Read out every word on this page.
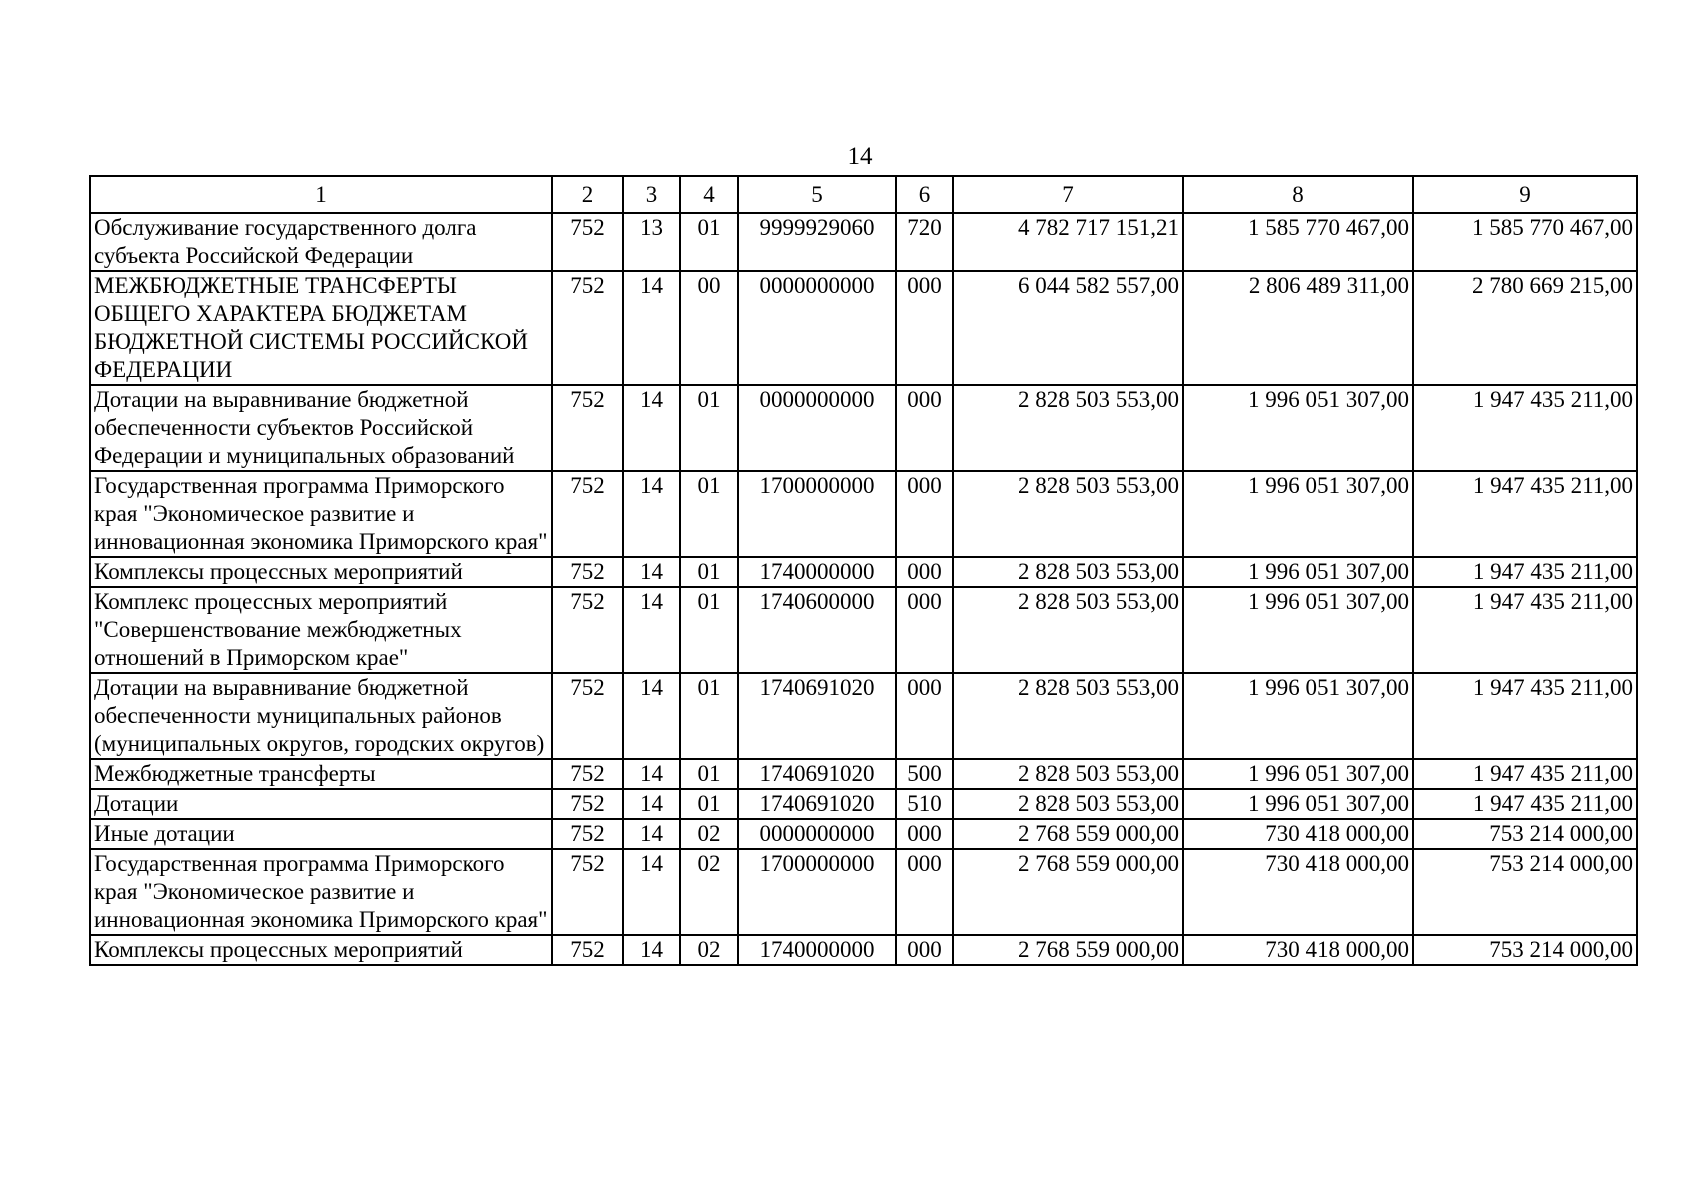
14
1	2	3	4	5	6	7	8	9
Обслуживание государственного долга субъекта Российской Федерации	752	13	01	9999929060	720	4 782 717 151,21	1 585 770 467,00	1 585 770 467,00
МЕЖБЮДЖЕТНЫЕ ТРАНСФЕРТЫ ОБЩЕГО ХАРАКТЕРА БЮДЖЕТАМ БЮДЖЕТНОЙ СИСТЕМЫ РОССИЙСКОЙ ФЕДЕРАЦИИ	752	14	00	0000000000	000	6 044 582 557,00	2 806 489 311,00	2 780 669 215,00
Дотации на выравнивание бюджетной обеспеченности субъектов Российской Федерации и муниципальных образований	752	14	01	0000000000	000	2 828 503 553,00	1 996 051 307,00	1 947 435 211,00
Государственная программа Приморского края "Экономическое развитие и инновационная экономика Приморского края"	752	14	01	1700000000	000	2 828 503 553,00	1 996 051 307,00	1 947 435 211,00
Комплексы процессных мероприятий	752	14	01	1740000000	000	2 828 503 553,00	1 996 051 307,00	1 947 435 211,00
Комплекс процессных мероприятий "Совершенствование межбюджетных отношений в Приморском крае"	752	14	01	1740600000	000	2 828 503 553,00	1 996 051 307,00	1 947 435 211,00
Дотации на выравнивание бюджетной обеспеченности муниципальных районов (муниципальных округов, городских округов)	752	14	01	1740691020	000	2 828 503 553,00	1 996 051 307,00	1 947 435 211,00
Межбюджетные трансферты	752	14	01	1740691020	500	2 828 503 553,00	1 996 051 307,00	1 947 435 211,00
Дотации	752	14	01	1740691020	510	2 828 503 553,00	1 996 051 307,00	1 947 435 211,00
Иные дотации	752	14	02	0000000000	000	2 768 559 000,00	730 418 000,00	753 214 000,00
Государственная программа Приморского края "Экономическое развитие и инновационная экономика Приморского края"	752	14	02	1700000000	000	2 768 559 000,00	730 418 000,00	753 214 000,00
Комплексы процессных мероприятий	752	14	02	1740000000	000	2 768 559 000,00	730 418 000,00	753 214 000,00
